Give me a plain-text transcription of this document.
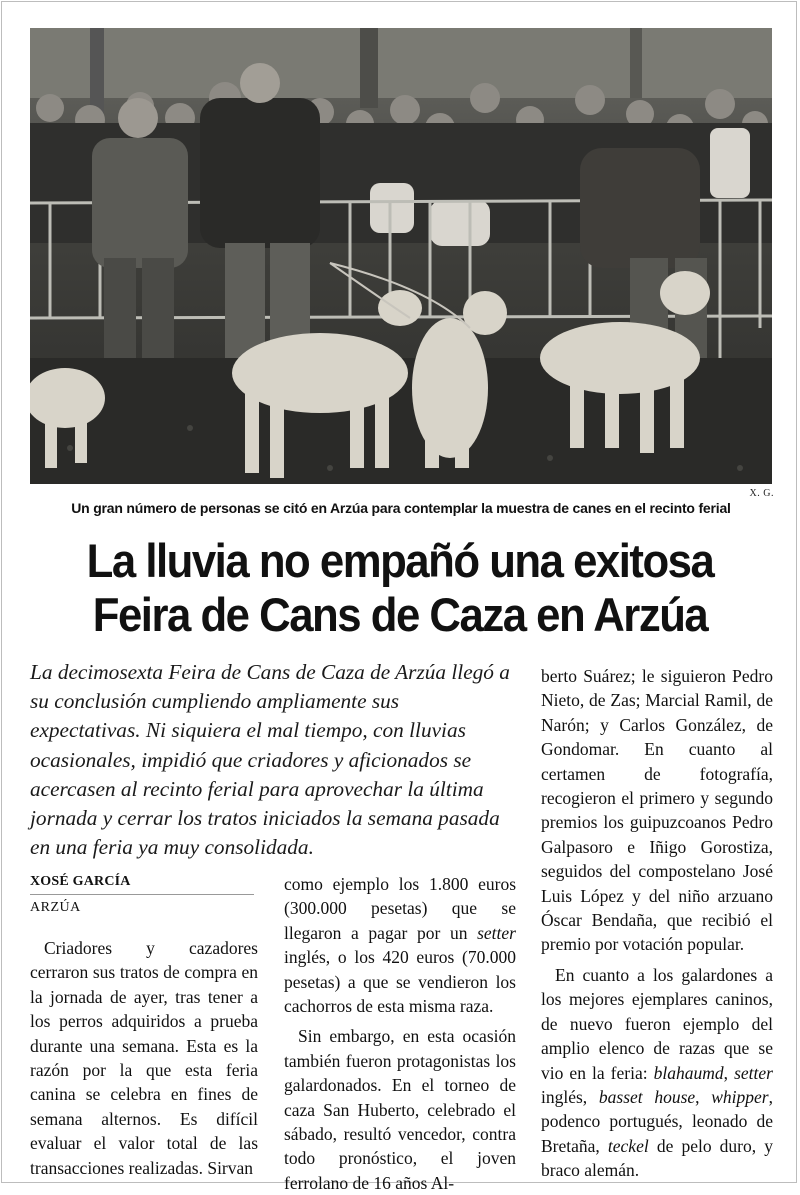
X. G.
Un gran número de personas se citó en Arzúa para contemplar la muestra de canes en el recinto ferial
La lluvia no empañó una exitosa
Feira de Cans de Caza en Arzúa

La decimosexta Feira de Cans de Caza de Arzúa llegó a su conclusión cumpliendo ampliamente sus expectativas. Ni siquiera el mal tiempo, con lluvias ocasionales, impidió que criadores y aficionados se acercasen al recinto ferial para aprovechar la última jornada y cerrar los tratos iniciados la semana pasada en una feria ya muy consolidada.

XOSÉ GARCÍA
ARZÚA

Criadores y cazadores cerraron sus tratos de compra en la jornada de ayer, tras tener a los perros adquiridos a prueba durante una semana. Esta es la razón por la que esta feria canina se celebra en fines de semana alternos. Es difícil evaluar el valor total de las transacciones realizadas. Sirvan

como ejemplo los 1.800 euros (300.000 pesetas) que se llegaron a pagar por un setter inglés, o los 420 euros (70.000 pesetas) a que se vendieron los cachorros de esta misma raza.

Sin embargo, en esta ocasión también fueron protagonistas los galardonados. En el torneo de caza San Huberto, celebrado el sábado, resultó vencedor, contra todo pronóstico, el joven ferrolano de 16 años Al-

berto Suárez; le siguieron Pedro Nieto, de Zas; Marcial Ramil, de Narón; y Carlos González, de Gondomar. En cuanto al certamen de fotografía, recogieron el primero y segundo premios los guipuzcoanos Pedro Galpasoro e Iñigo Gorostiza, seguidos del compostelano José Luis López y del niño arzuano Óscar Bendaña, que recibió el premio por votación popular.

En cuanto a los galardones a los mejores ejemplares caninos, de nuevo fueron ejemplo del amplio elenco de razas que se vio en la feria: blahaumd, setter inglés, basset house, whipper, podenco portugués, leonado de Bretaña, teckel de pelo duro, y braco alemán.
